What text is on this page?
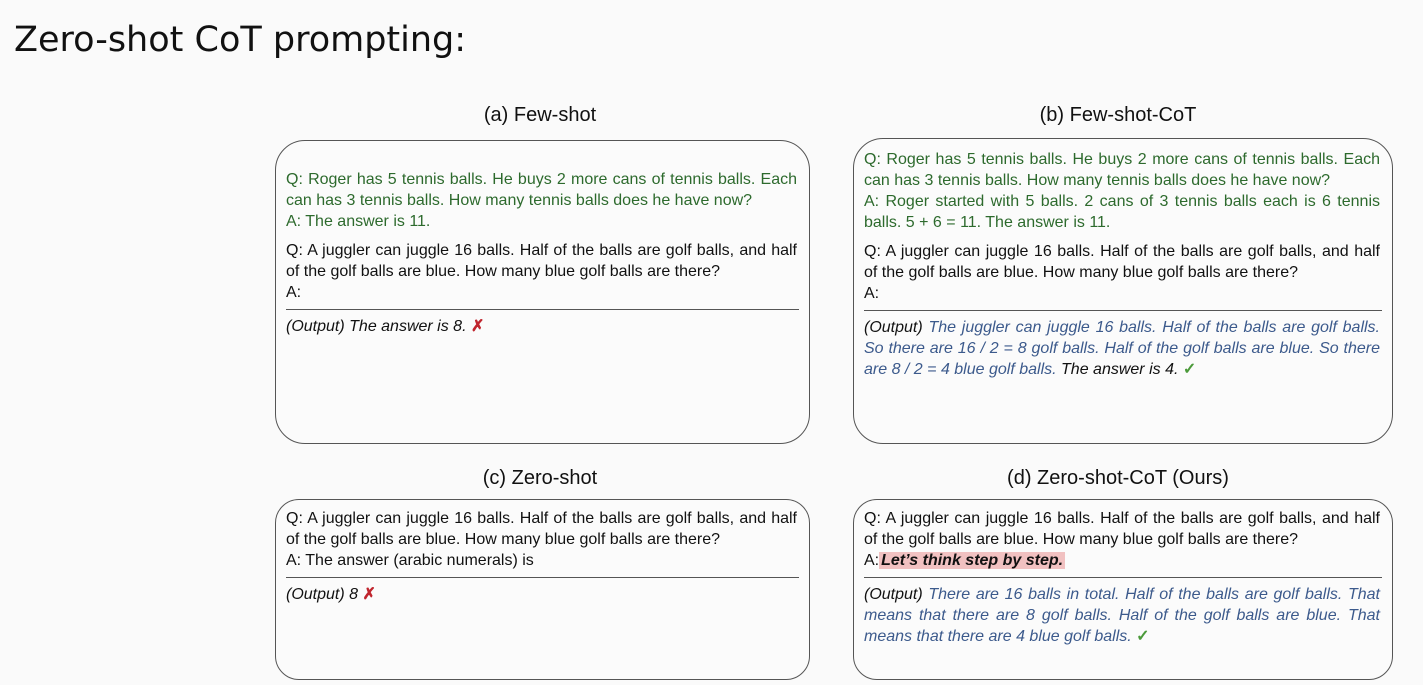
Zero-shot CoT prompting:
(a) Few-shot

Q: Roger has 5 tennis balls. He buys 2 more cans of tennis balls. Each can has 3 tennis balls. How many tennis balls does he have now?

A: The answer is 11.

Q: A juggler can juggle 16 balls. Half of the balls are golf balls, and half of the golf balls are blue. How many blue golf balls are there?

A:

(Output) The answer is 8. ✗

(b) Few-shot-CoT

Q: Roger has 5 tennis balls. He buys 2 more cans of tennis balls. Each can has 3 tennis balls. How many tennis balls does he have now?

A: Roger started with 5 balls. 2 cans of 3 tennis balls each is 6 tennis balls. 5 + 6 = 11. The answer is 11.

Q: A juggler can juggle 16 balls. Half of the balls are golf balls, and half of the golf balls are blue. How many blue golf balls are there?

A:

(Output) The juggler can juggle 16 balls. Half of the balls are golf balls. So there are 16 / 2 = 8 golf balls. Half of the golf balls are blue. So there are 8 / 2 = 4 blue golf balls. The answer is 4. ✓

(c) Zero-shot

Q: A juggler can juggle 16 balls. Half of the balls are golf balls, and half of the golf balls are blue. How many blue golf balls are there?

A: The answer (arabic numerals) is

(Output) 8 ✗

(d) Zero-shot-CoT (Ours)

Q: A juggler can juggle 16 balls. Half of the balls are golf balls, and half of the golf balls are blue. How many blue golf balls are there?

A: Let’s think step by step.

(Output) There are 16 balls in total. Half of the balls are golf balls. That means that there are 8 golf balls. Half of the golf balls are blue. That means that there are 4 blue golf balls. ✓
